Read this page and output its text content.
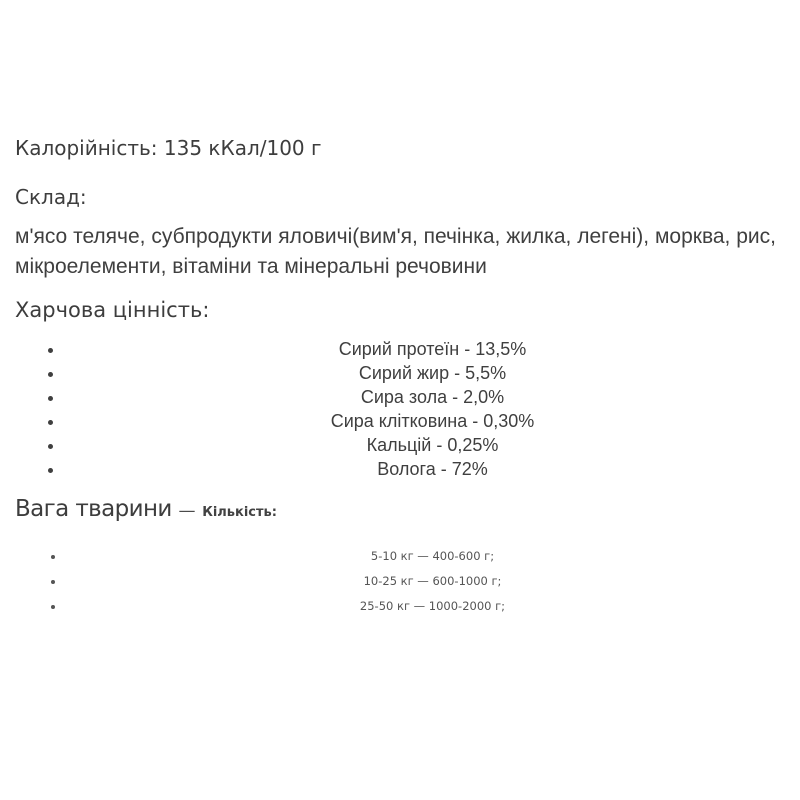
Калорійність: 135 кКал/100 г

Склад:

м'ясо теляче, субпродукти яловичі(вим'я, печінка, жилка, легені), морква, рис, мікроелементи, вітаміни та мінеральні речовини

Харчова цінність:

• Сирий протеїн - 13,5%
• Сирий жир - 5,5%
• Сира зола - 2,0%
• Сира клітковина - 0,30%
• Кальцій - 0,25%
• Волога - 72%

Вага тварини — Кількість:

• 5-10 кг — 400-600 г;
• 10-25 кг — 600-1000 г;
• 25-50 кг — 1000-2000 г;
